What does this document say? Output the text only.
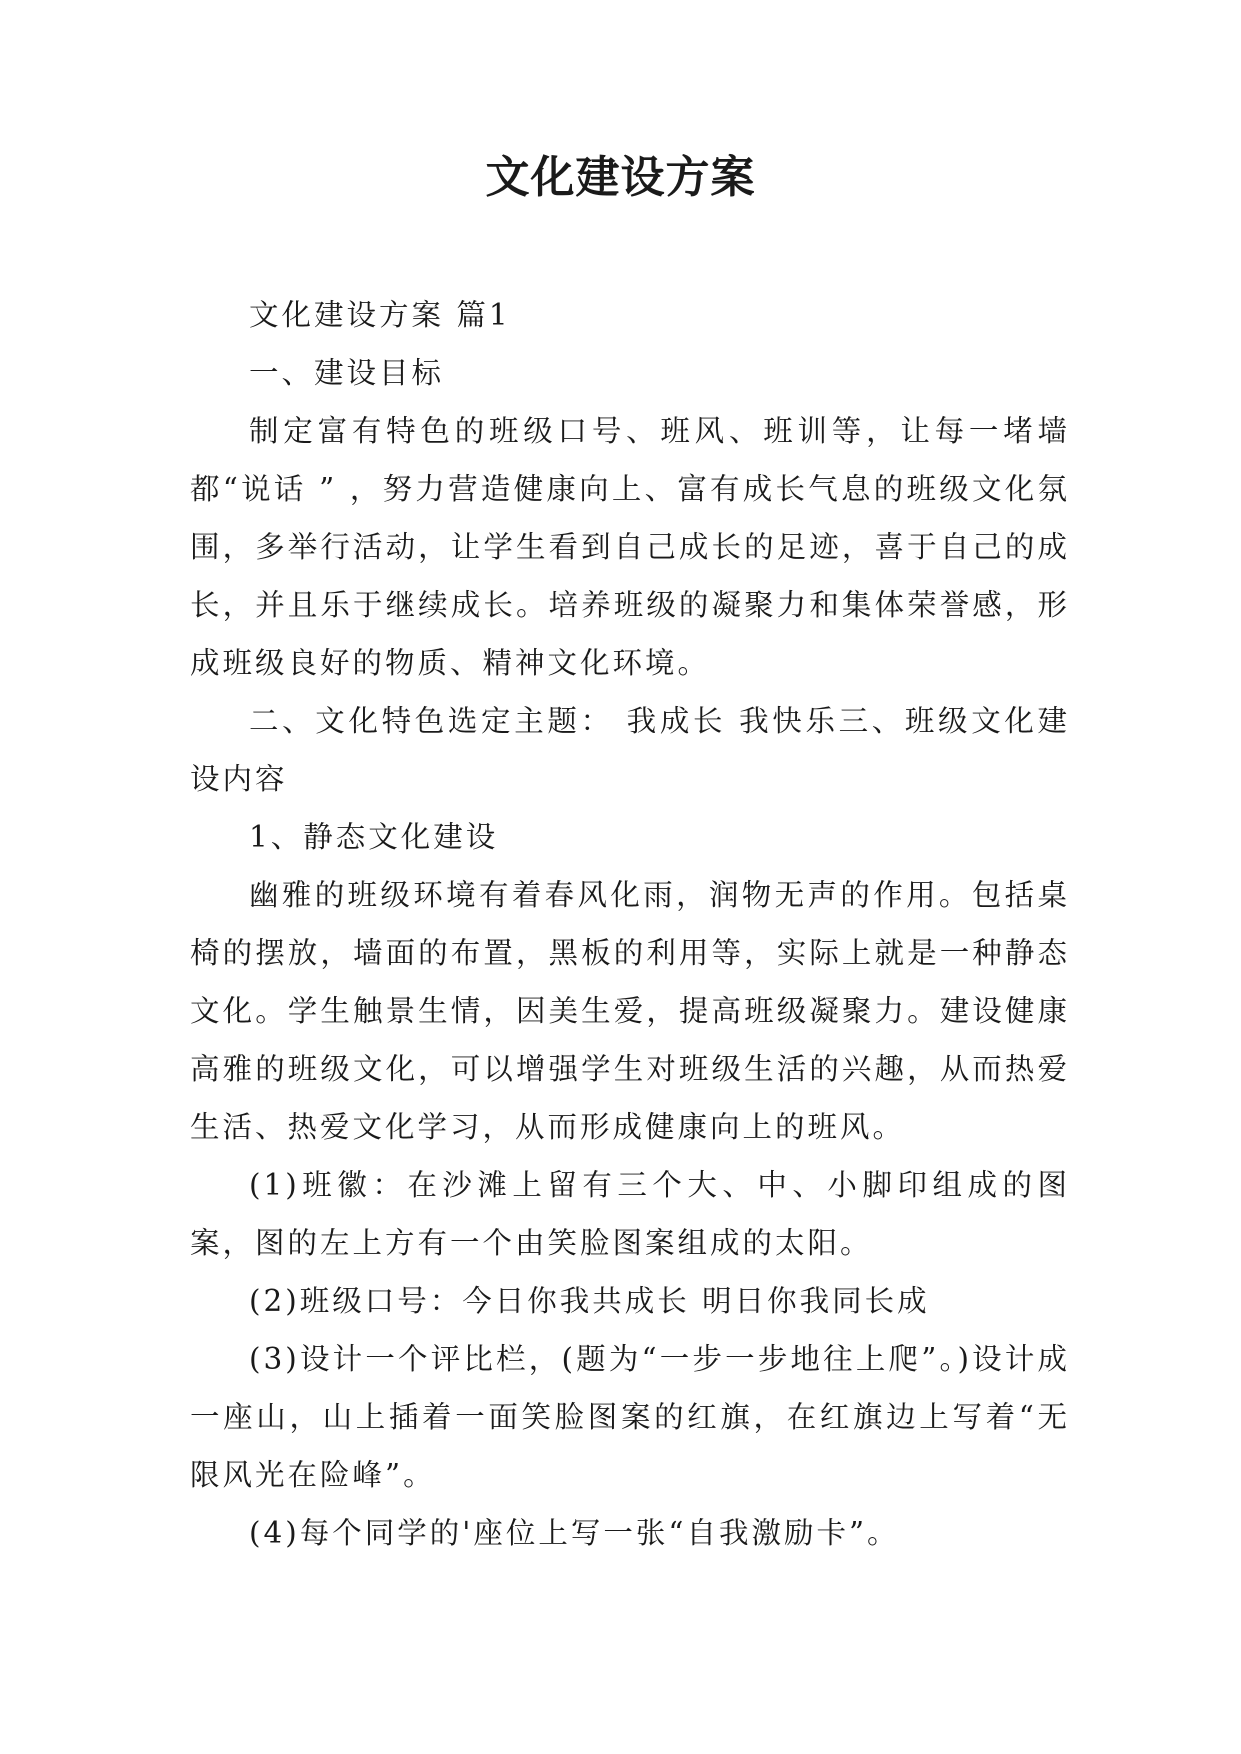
文化建设方案

文化建设方案 篇1

一、建设目标

制定富有特色的班级口号、班风、班训等，让每一堵墙都“说话 ” ，努力营造健康向上、富有成长气息的班级文化氛围，多举行活动，让学生看到自己成长的足迹，喜于自己的成长，并且乐于继续成长。培养班级的凝聚力和集体荣誉感，形成班级良好的物质、精神文化环境。

二、文化特色选定主题： 我成长 我快乐三、班级文化建设内容

1、静态文化建设

幽雅的班级环境有着春风化雨，润物无声的作用。包括桌椅的摆放，墙面的布置，黑板的利用等，实际上就是一种静态文化。学生触景生情，因美生爱，提高班级凝聚力。建设健康高雅的班级文化，可以增强学生对班级生活的兴趣，从而热爱生活、热爱文化学习，从而形成健康向上的班风。

(1)班徽：在沙滩上留有三个大、中、小脚印组成的图案，图的左上方有一个由笑脸图案组成的太阳。

(2)班级口号：今日你我共成长 明日你我同长成

(3)设计一个评比栏，(题为“一步一步地往上爬”。)设计成一座山，山上插着一面笑脸图案的红旗，在红旗边上写着“无限风光在险峰”。

(4)每个同学的'座位上写一张“自我激励卡”。
